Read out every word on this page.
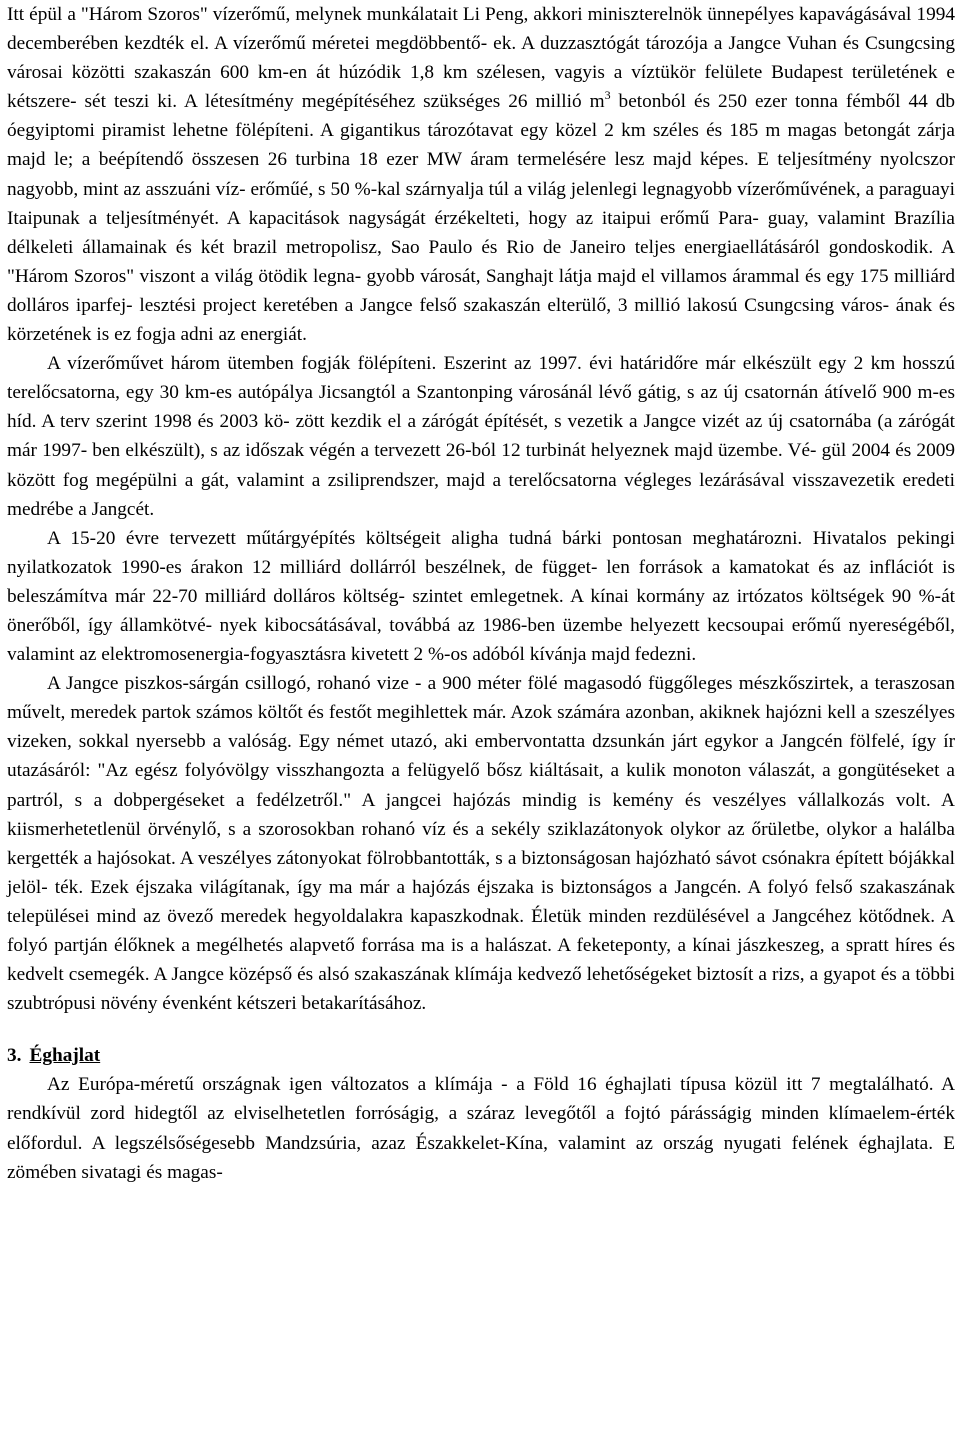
Itt épül a "Három Szoros" vízerőmű, melynek munkálatait Li Peng, akkori miniszterelnök ünnepélyes kapavágásával 1994 decemberében kezdték el. A vízerőmű méretei megdöbbentő- ek. A duzzasztógát tározója a Jangce Vuhan és Csungcsing városai közötti szakaszán 600 km-en át húzódik 1,8 km szélesen, vagyis a víztükör felülete Budapest területének e kétszere- sét teszi ki. A létesítmény megépítéséhez szükséges 26 millió $m^3$ betonból és 250 ezer tonna fémből 44 db óegyiptomi piramist lehetne fölépíteni. A gigantikus tározótavat egy közel 2 km széles és 185 m magas betongát zárja majd le; a beépítendő összesen 26 turbina 18 ezer MW áram termelésére lesz majd képes. E teljesítmény nyolcszor nagyobb, mint az asszuáni víz- erőműé, s 50 %-kal szárnyalja túl a világ jelenlegi legnagyobb vízerőművének, a paraguayi Itaipunak a teljesítményét. A kapacitások nagyságát érzékelteti, hogy az itaipui erőmű Para- guay, valamint Brazília délkeleti államainak és két brazil metropolisz, Sao Paulo és Rio de Janeiro teljes energiaellátásáról gondoskodik. A "Három Szoros" viszont a világ ötödik legna- gyobb városát, Sanghajt látja majd el villamos árammal és egy 175 milliárd dolláros iparfej- lesztési project keretében a Jangce felső szakaszán elterülő, 3 millió lakosú Csungcsing város- ának és körzetének is ez fogja adni az energiát.

A vízerőművet három ütemben fogják fölépíteni. Eszerint az 1997. évi határidőre már elkészült egy 2 km hosszú terelőcsatorna, egy 30 km-es autópálya Jicsangtól a Szantonping városánál lévő gátig, s az új csatornán átívelő 900 m-es híd. A terv szerint 1998 és 2003 kö- zött kezdik el a zárógát építését, s vezetik a Jangce vizét az új csatornába (a zárógát már 1997- ben elkészült), s az időszak végén a tervezett 26-ból 12 turbinát helyeznek majd üzembe. Vé- gül 2004 és 2009 között fog megépülni a gát, valamint a zsiliprendszer, majd a terelőcsatorna végleges lezárásával visszavezetik eredeti medrébe a Jangcét.

A 15-20 évre tervezett műtárgyépítés költségeit aligha tudná bárki pontosan meghatározni. Hivatalos pekingi nyilatkozatok 1990-es árakon 12 milliárd dollárról beszélnek, de függet- len források a kamatokat és az inflációt is beleszámítva már 22-70 milliárd dolláros költség- szintet emlegetnek. A kínai kormány az irtózatos költségek 90 %-át önerőből, így államkötvé- nyek kibocsátásával, továbbá az 1986-ben üzembe helyezett kecsoupai erőmű nyereségéből, valamint az elektromosenergia-fogyasztásra kivetett 2 %-os adóból kívánja majd fedezni.

A Jangce piszkos-sárgán csillogó, rohanó vize - a 900 méter fölé magasodó függőleges mészkőszirtek, a teraszosan művelt, meredek partok számos költőt és festőt megihlettek már. Azok számára azonban, akiknek hajózni kell a szeszélyes vizeken, sokkal nyersebb a valóság. Egy német utazó, aki embervontatta dzsunkán járt egykor a Jangcén fölfelé, így ír utazásáról: "Az egész folyóvölgy visszhangozta a felügyelő bősz kiáltásait, a kulik monoton válaszát, a gongütéseket a partról, s a dobpergéseket a fedélzetről." A jangcei hajózás mindig is kemény és veszélyes vállalkozás volt. A kiismerhetetlenül örvénylő, s a szorosokban rohanó víz és a sekély sziklazátonyok olykor az őrületbe, olykor a halálba kergették a hajósokat. A veszélyes zátonyokat fölrobbantották, s a biztonságosan hajózható sávot csónakra épített bójákkal jelöl- ték. Ezek éjszaka világítanak, így ma már a hajózás éjszaka is biztonságos a Jangcén. A folyó felső szakaszának települései mind az övező meredek hegyoldalakra kapaszkodnak. Életük minden rezdülésével a Jangcéhez kötődnek. A folyó partján élőknek a megélhetés alapvető forrása ma is a halászat. A feketeponty, a kínai jászkeszeg, a spratt híres és kedvelt csemegék. A Jangce középső és alsó szakaszának klímája kedvező lehetőségeket biztosít a rizs, a gyapot és a többi szubtrópusi növény évenként kétszeri betakarításához.

3. Éghajlat

Az Európa-méretű országnak igen változatos a klímája - a Föld 16 éghajlati típusa közül itt 7 megtalálható. A rendkívül zord hidegtől az elviselhetetlen forróságig, a száraz levegőtől a fojtó párásságig minden klímaelem-érték előfordul. A legszélsőségesebb Mandzsúria, azaz Északkelet-Kína, valamint az ország nyugati felének éghajlata. E zömében sivatagi és magas-
